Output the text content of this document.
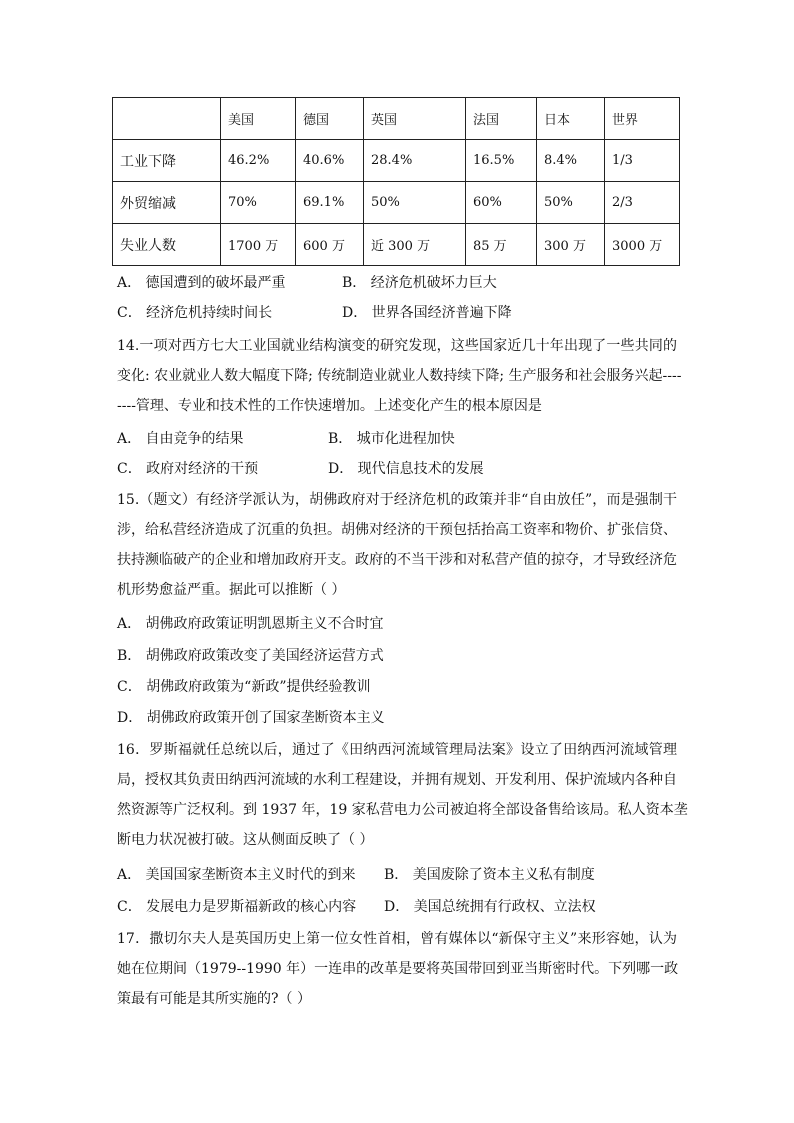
	美国	德国	英国	法国	日本	世界
工业下降	46.2%	40.6%	28.4%	16.5%	8.4%	1/3
外贸缩减	70%	69.1%	50%	60%	50%	2/3
失业人数	1700 万	600 万	近 300 万	85 万	300 万	3000 万
A． 德国遭到的破坏最严重	B． 经济危机破坏力巨大
C． 经济危机持续时间长	D． 世界各国经济普遍下降
14.一项对西方七大工业国就业结构演变的研究发现，这些国家近几十年出现了一些共同的
变化: 农业就业人数大幅度下降; 传统制造业就业人数持续下降; 生产服务和社会服务兴起----
----管理、专业和技术性的工作快速增加。上述变化产生的根本原因是
A． 自由竞争的结果	B． 城市化进程加快
C． 政府对经济的干预	D． 现代信息技术的发展
15.（题文）有经济学派认为，胡佛政府对于经济危机的政策并非“自由放任”，而是强制干
涉，给私营经济造成了沉重的负担。胡佛对经济的干预包括抬高工资率和物价、扩张信贷、
扶持濒临破产的企业和增加政府开支。政府的不当干涉和对私营产值的掠夺，才导致经济危
机形势愈益严重。据此可以推断（ ）
A． 胡佛政府政策证明凯恩斯主义不合时宜
B． 胡佛政府政策改变了美国经济运营方式
C． 胡佛政府政策为“新政”提供经验教训
D． 胡佛政府政策开创了国家垄断资本主义
16．罗斯福就任总统以后，通过了《田纳西河流域管理局法案》设立了田纳西河流域管理
局，授权其负责田纳西河流域的水利工程建设，并拥有规划、开发利用、保护流域内各种自
然资源等广泛权利。到 1937 年，19 家私营电力公司被迫将全部设备售给该局。私人资本垄
断电力状况被打破。这从侧面反映了（ ）
A． 美国国家垄断资本主义时代的到来 B． 美国废除了资本主义私有制度
C． 发展电力是罗斯福新政的核心内容 D． 美国总统拥有行政权、立法权
17．撒切尔夫人是英国历史上第一位女性首相，曾有媒体以“新保守主义”来形容她，认为
她在位期间（1979--1990 年）一连串的改革是要将英国带回到亚当斯密时代。下列哪一政
策最有可能是其所实施的?（ ）
